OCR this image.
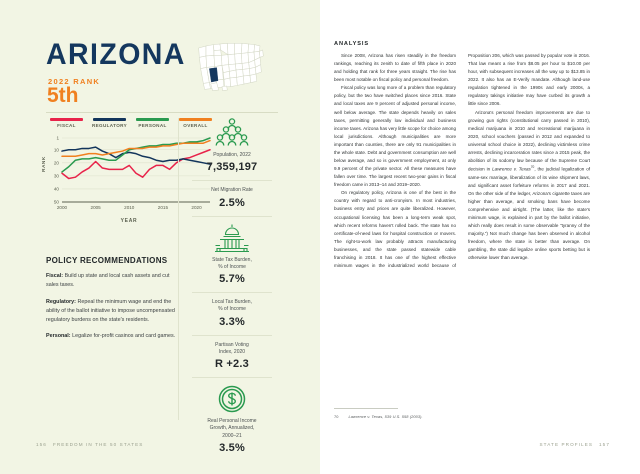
ARIZONA
2022 RANK
5th
FISCAL	REGULATORY PERSONAL	OVERALL
1
10
20
30
40
50
2000	2005	2010	2015	2020
RANK
YEAR
POLICY RECOMMENDATIONS

Fiscal: Build up state and local cash assets and cut sales taxes.

Regulatory: Repeal the minimum wage and end the ability of the ballot initiative to impose uncompensated regulatory burdens on the state's residents.

Personal: Legalize for-profit casinos and card games.

Population, 2022
7,359,197
Net Migration Rate
2.5%
State Tax Burden,
% of Income
5.7%
Local Tax Burden,
% of Income
3.3%
Partisan Voting
Index, 2020
R +2.3
Real Personal Income
Growth, Annualized,
2000–21
3.5%
156 FREEDOM IN THE 50 STATES
ANALYSIS

Since 2008, Arizona has risen steadily in the freedom rankings, reaching its zenith to date of fifth place in 2020 and holding that rank for three years straight. The rise has been most notable on fiscal policy and personal freedom.

Fiscal policy was long more of a problem than regulatory policy, but the two have switched places since 2016. State and local taxes are 9 percent of adjusted personal income, well below average. The state depends heavily on sales taxes, permitting generally low individual and business income taxes. Arizona has very little scope for choice among local jurisdictions. Although municipalities are more important than counties, there are only 91 municipalities in the whole state. Debt and government consumption are well below average, and so is government employment, at only 9.9 percent of the private sector. All these measures have fallen over time. The largest recent two-year gains in fiscal freedom came in 2013–14 and 2019–2020.

On regulatory policy, Arizona is one of the best in the country with regard to anti-cronyism. In most industries, business entry and prices are quite liberalized. However, occupational licensing has been a long-term weak spot, which recent reforms haven't rolled back. The state has no certificate-of-need laws for hospital construction or movers. The right-to-work law probably attracts manufacturing businesses, and the state passed statewide cable franchising in 2018. It has one of the highest effective minimum wages in the industrialized world because of Proposition 206, which was passed by popular vote in 2016. That law meant a rise from $8.05 per hour to $10.00 per hour, with subsequent increases all the way up to $13.85 in 2022. It also has an E-Verify mandate. Although land-use regulation tightened in the 1990s and early 2000s, a regulatory takings initiative may have curbed its growth a little since 2006.

Arizona's personal freedom improvements are due to growing gun rights (constitutional carry passed in 2010), medical marijuana in 2010 and recreational marijuana in 2020, school vouchers (passed in 2012 and expanded to universal school choice in 2022), declining victimless crime arrests, declining incarceration rates since a 2015 peak, the abolition of its sodomy law because of the Supreme Court decision in Lawrence v. Texas$^{70}$, the judicial legalization of same-sex marriage, liberalization of its wine shipment laws, and significant asset forfeiture reforms in 2017 and 2021. On the other side of the ledger, Arizona's cigarette taxes are higher than average, and smoking bans have become comprehensive and airtight. (The latter, like the state's minimum wage, is explained in part by the ballot initiative, which really does result in some observable “tyranny of the majority.”) Not much change has been observed in alcohol freedom, where the state is better than average. On gambling, the state did legalize online sports betting but is otherwise lower than average.

70	Lawrence v. Texas, 539 U.S. 558 (2003).
STATE PROFILES 157
